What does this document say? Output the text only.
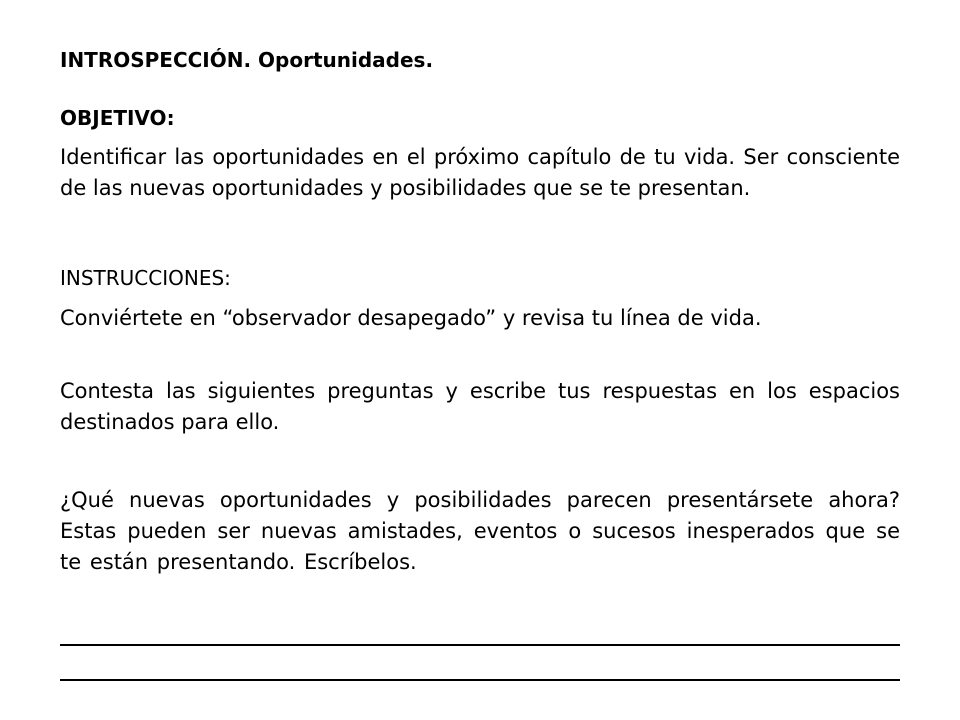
INTROSPECCIÓN. Oportunidades.
OBJETIVO:
Identificar las oportunidades en el próximo capítulo de tu vida. Ser consciente de las nuevas oportunidades y posibilidades que se te presentan.
INSTRUCCIONES:
Conviértete en “observador desapegado” y revisa tu línea de vida.
Contesta las siguientes preguntas y escribe tus respuestas en los espacios destinados para ello.
¿Qué nuevas oportunidades y posibilidades parecen presentársete ahora? Estas pueden ser nuevas amistades, eventos o sucesos inesperados que se te están presentando. Escríbelos.
